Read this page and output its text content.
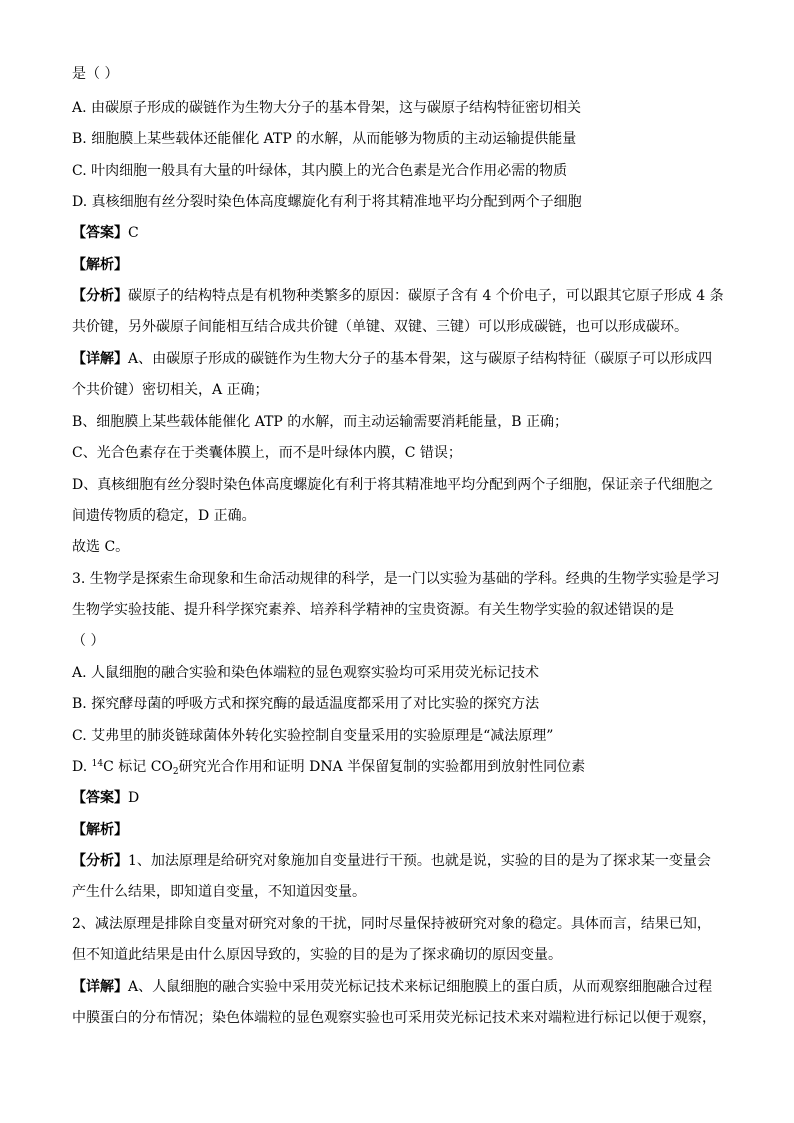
是（ ）
A. 由碳原子形成的碳链作为生物大分子的基本骨架，这与碳原子结构特征密切相关
B. 细胞膜上某些载体还能催化 ATP 的水解，从而能够为物质的主动运输提供能量
C. 叶肉细胞一般具有大量的叶绿体，其内膜上的光合色素是光合作用必需的物质
D. 真核细胞有丝分裂时染色体高度螺旋化有利于将其精准地平均分配到两个子细胞
【答案】C
【解析】
【分析】碳原子的结构特点是有机物种类繁多的原因：碳原子含有 4 个价电子，可以跟其它原子形成 4 条
共价键，另外碳原子间能相互结合成共价键（单键、双键、三键）可以形成碳链，也可以形成碳环。
【详解】A、由碳原子形成的碳链作为生物大分子的基本骨架，这与碳原子结构特征（碳原子可以形成四
个共价键）密切相关，A 正确；
B、细胞膜上某些载体能催化 ATP 的水解，而主动运输需要消耗能量，B 正确；
C、光合色素存在于类囊体膜上，而不是叶绿体内膜，C 错误；
D、真核细胞有丝分裂时染色体高度螺旋化有利于将其精准地平均分配到两个子细胞，保证亲子代细胞之
间遗传物质的稳定，D 正确。
故选 C。
3. 生物学是探索生命现象和生命活动规律的科学，是一门以实验为基础的学科。经典的生物学实验是学习
生物学实验技能、提升科学探究素养、培养科学精神的宝贵资源。有关生物学实验的叙述错误的是
（ ）
A. 人鼠细胞的融合实验和染色体端粒的显色观察实验均可采用荧光标记技术
B. 探究酵母菌的呼吸方式和探究酶的最适温度都采用了对比实验的探究方法
C. 艾弗里的肺炎链球菌体外转化实验控制自变量采用的实验原理是“减法原理”
D. $^{14}$C 标记 $CO_2$研究光合作用和证明 DNA 半保留复制的实验都用到放射性同位素
【答案】D
【解析】
【分析】1、加法原理是给研究对象施加自变量进行干预。也就是说，实验的目的是为了探求某一变量会
产生什么结果，即知道自变量，不知道因变量。
2、减法原理是排除自变量对研究对象的干扰，同时尽量保持被研究对象的稳定。具体而言，结果已知，
但不知道此结果是由什么原因导致的，实验的目的是为了探求确切的原因变量。
【详解】A、人鼠细胞的融合实验中采用荧光标记技术来标记细胞膜上的蛋白质，从而观察细胞融合过程
中膜蛋白的分布情况；染色体端粒的显色观察实验也可采用荧光标记技术来对端粒进行标记以便于观察，
